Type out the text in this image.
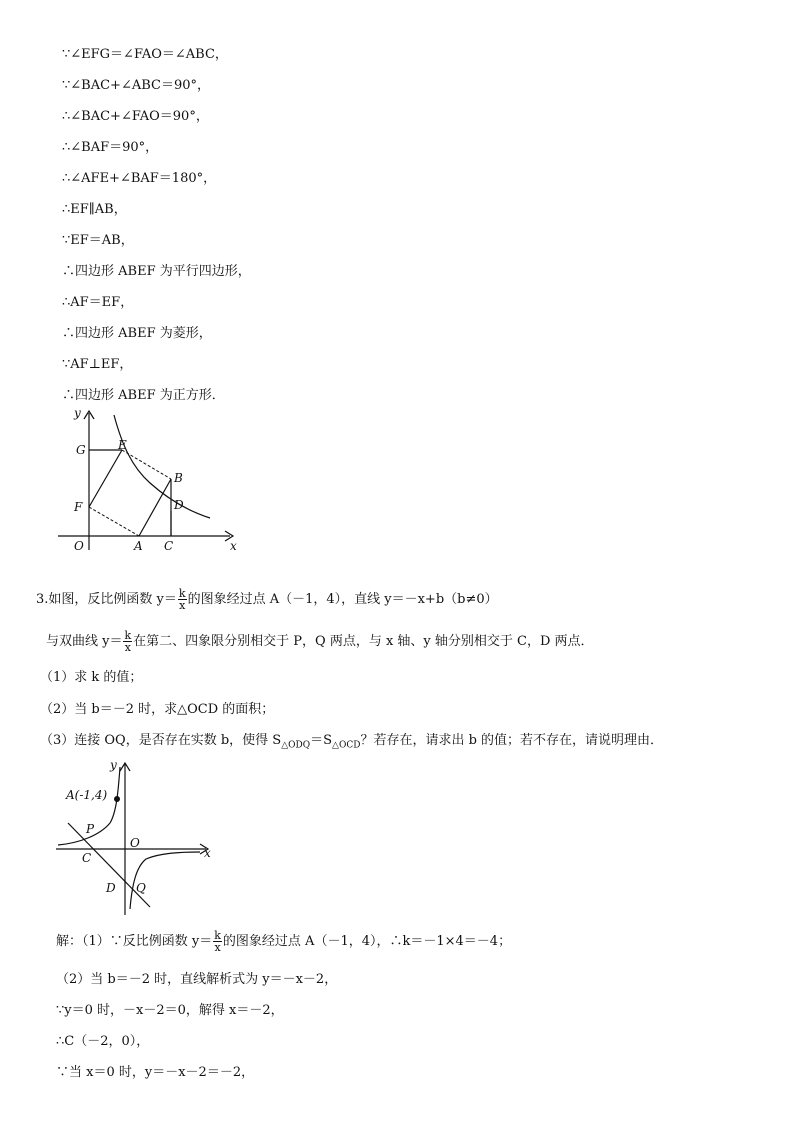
∵∠EFG＝∠FAO＝∠ABC，
∵∠BAC+∠ABC＝90°，
∴∠BAC+∠FAO＝90°，
∴∠BAF＝90°，
∴∠AFE+∠BAF＝180°，
∴EF∥AB，
∵EF＝AB，
∴四边形 ABEF 为平行四边形，
∴AF＝EF，
∴四边形 ABEF 为菱形，
∵AF⊥EF，
∴四边形 ABEF 为正方形．
y
x
G	E
B
D
F
O	A C
3.如图，反比例函数 $y= \frac{k}{x}$ 的图象经过点 A（－1，4），直线 y＝－x+b（b≠0）
与双曲线 $y= \frac{k}{x}$ 在第二、四象限分别相交于 P，Q 两点，与 x 轴、y 轴分别相交于 C，D 两点．
（1）求 k 的值；
（2）当 b＝－2 时，求△OCD 的面积；
（3）连接 OQ，是否存在实数 b，使得 $S_{\triangle ODQ}=S_{\triangle OCD}$？若存在，请求出 b 的值；若不存在，请说明理由．
y
x
A(-1,4)
P
O
C
D Q
解：（1）∵反比例函数 $y= \frac{k}{x}$ 的图象经过点 A（－1，4），∴k＝－1×4＝－4；
（2）当 b＝－2 时，直线解析式为 y＝－x－2，
∵y＝0 时，－x－2＝0，解得 x＝－2，
∴C（－2，0），
∵当 x＝0 时，y＝－x－2＝－2，
